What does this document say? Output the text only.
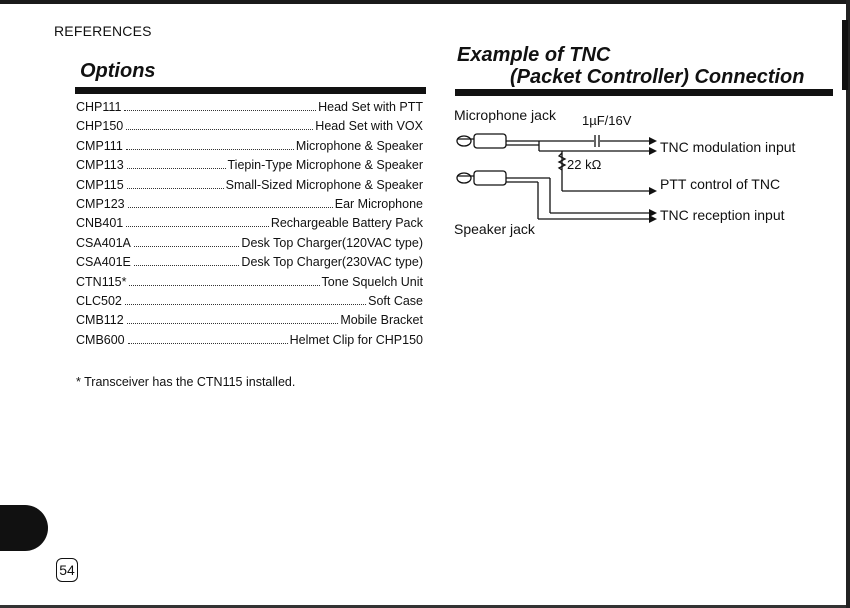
REFERENCES
Options
CHP111	Head Set with PTT
CHP150	Head Set with VOX
CMP111	Microphone & Speaker
CMP113	Tiepin-Type Microphone & Speaker
CMP115	Small-Sized Microphone & Speaker
CMP123	Ear Microphone
CNB401	Rechargeable Battery Pack
CSA401A	Desk Top Charger(120VAC type)
CSA401E	Desk Top Charger(230VAC type)
CTN115*	Tone Squelch Unit
CLC502	Soft Case
CMB112	Mobile Bracket
CMB600	Helmet Clip for CHP150
* Transceiver has the CTN115 installed.
Example of TNC
(Packet Controller) Connection
Microphone jack 1µF/16V
22 kΩ
Speaker jack
TNC modulation input
PTT control of TNC
TNC reception input
54
